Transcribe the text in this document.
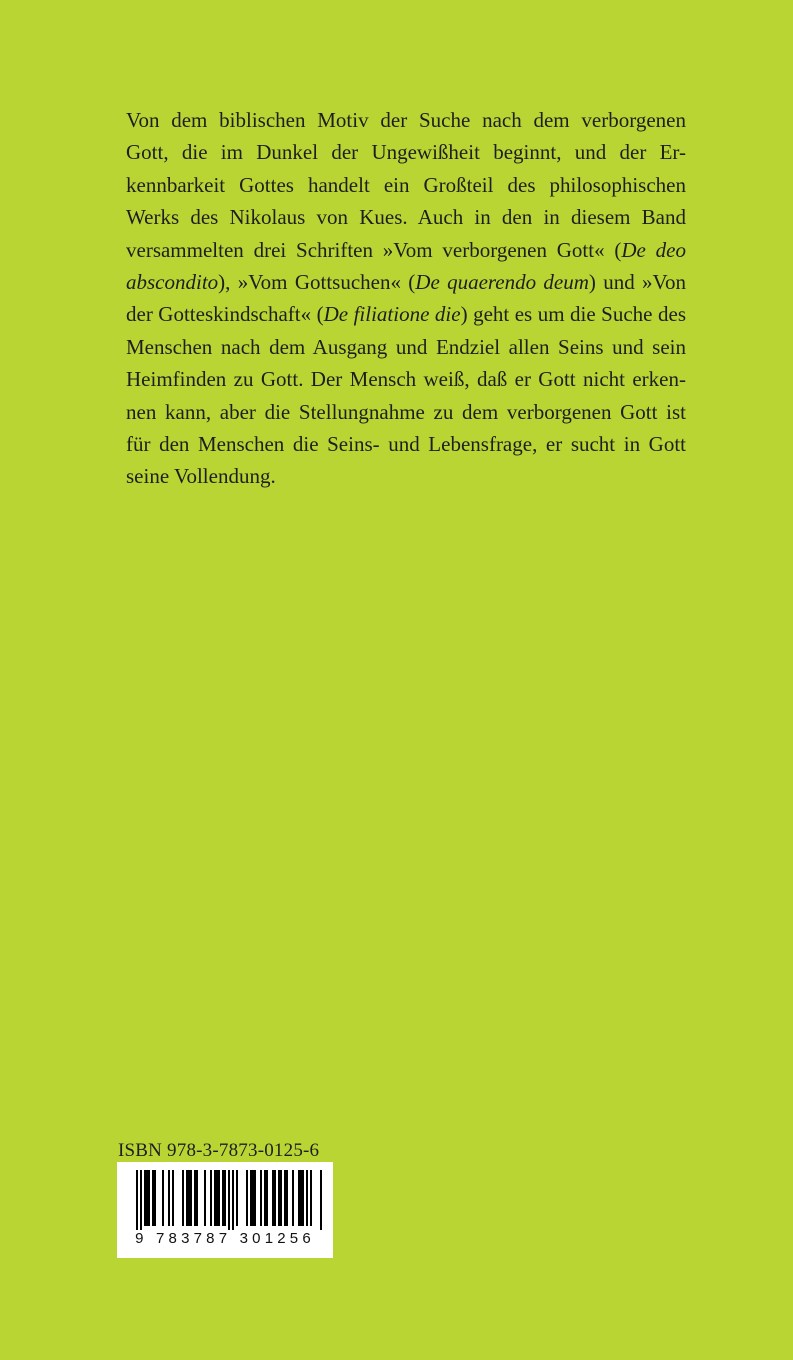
Von dem biblischen Motiv der Suche nach dem verborgenen
Gott, die im Dunkel der Ungewißheit beginnt, und der Er-
kennbarkeit Gottes handelt ein Großteil des philosophischen
Werks des Nikolaus von Kues. Auch in den in diesem Band
versammelten drei Schriften »Vom verborgenen Gott« (De deo
abscondito), »Vom Gottsuchen« (De quaerendo deum) und »Von
der Gotteskindschaft« (De filiatione die) geht es um die Suche des
Menschen nach dem Ausgang und Endziel allen Seins und sein
Heimfinden zu Gott. Der Mensch weiß, daß er Gott nicht erken-
nen kann, aber die Stellungnahme zu dem verborgenen Gott ist
für den Menschen die Seins- und Lebensfrage, er sucht in Gott
seine Vollendung.
ISBN 978-3-7873-0125-6
9 783787 301256
